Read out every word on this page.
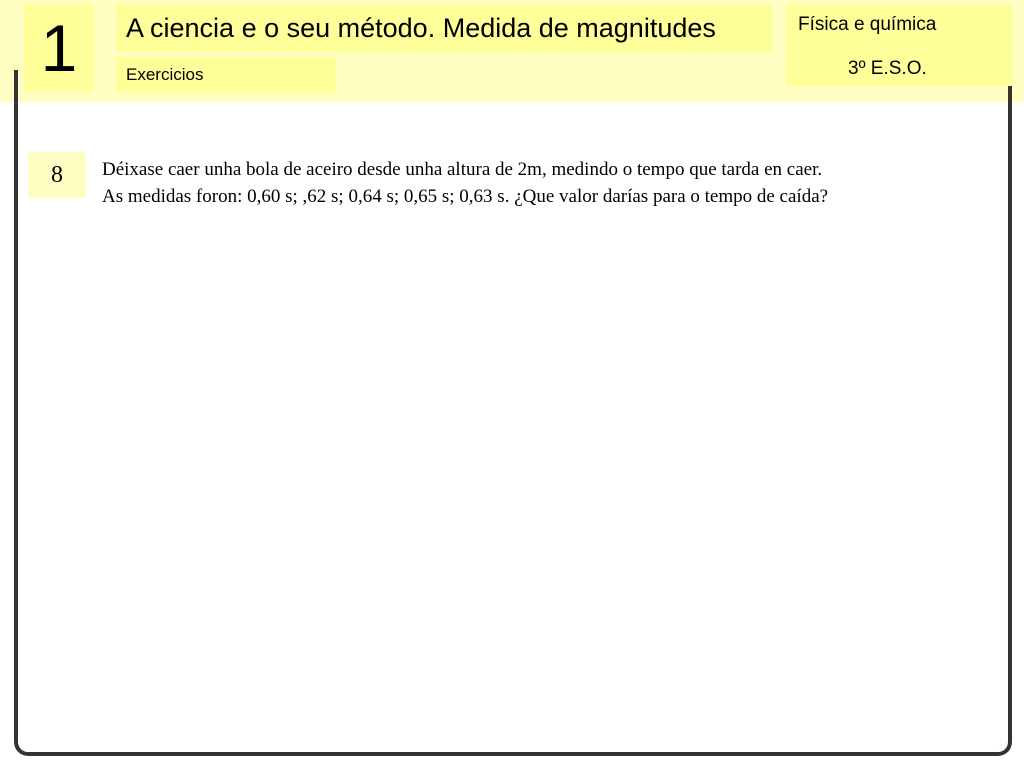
1	A ciencia e o seu método. Medida de magnitudes
Exercicios
Física e química
3º E.S.O.
8	Déixase caer unha bola de aceiro desde unha altura de 2m, medindo o tempo que tarda en caer.
As medidas foron: 0,60 s; ,62 s; 0,64 s; 0,65 s; 0,63 s. ¿Que valor darías para o tempo de caída?
